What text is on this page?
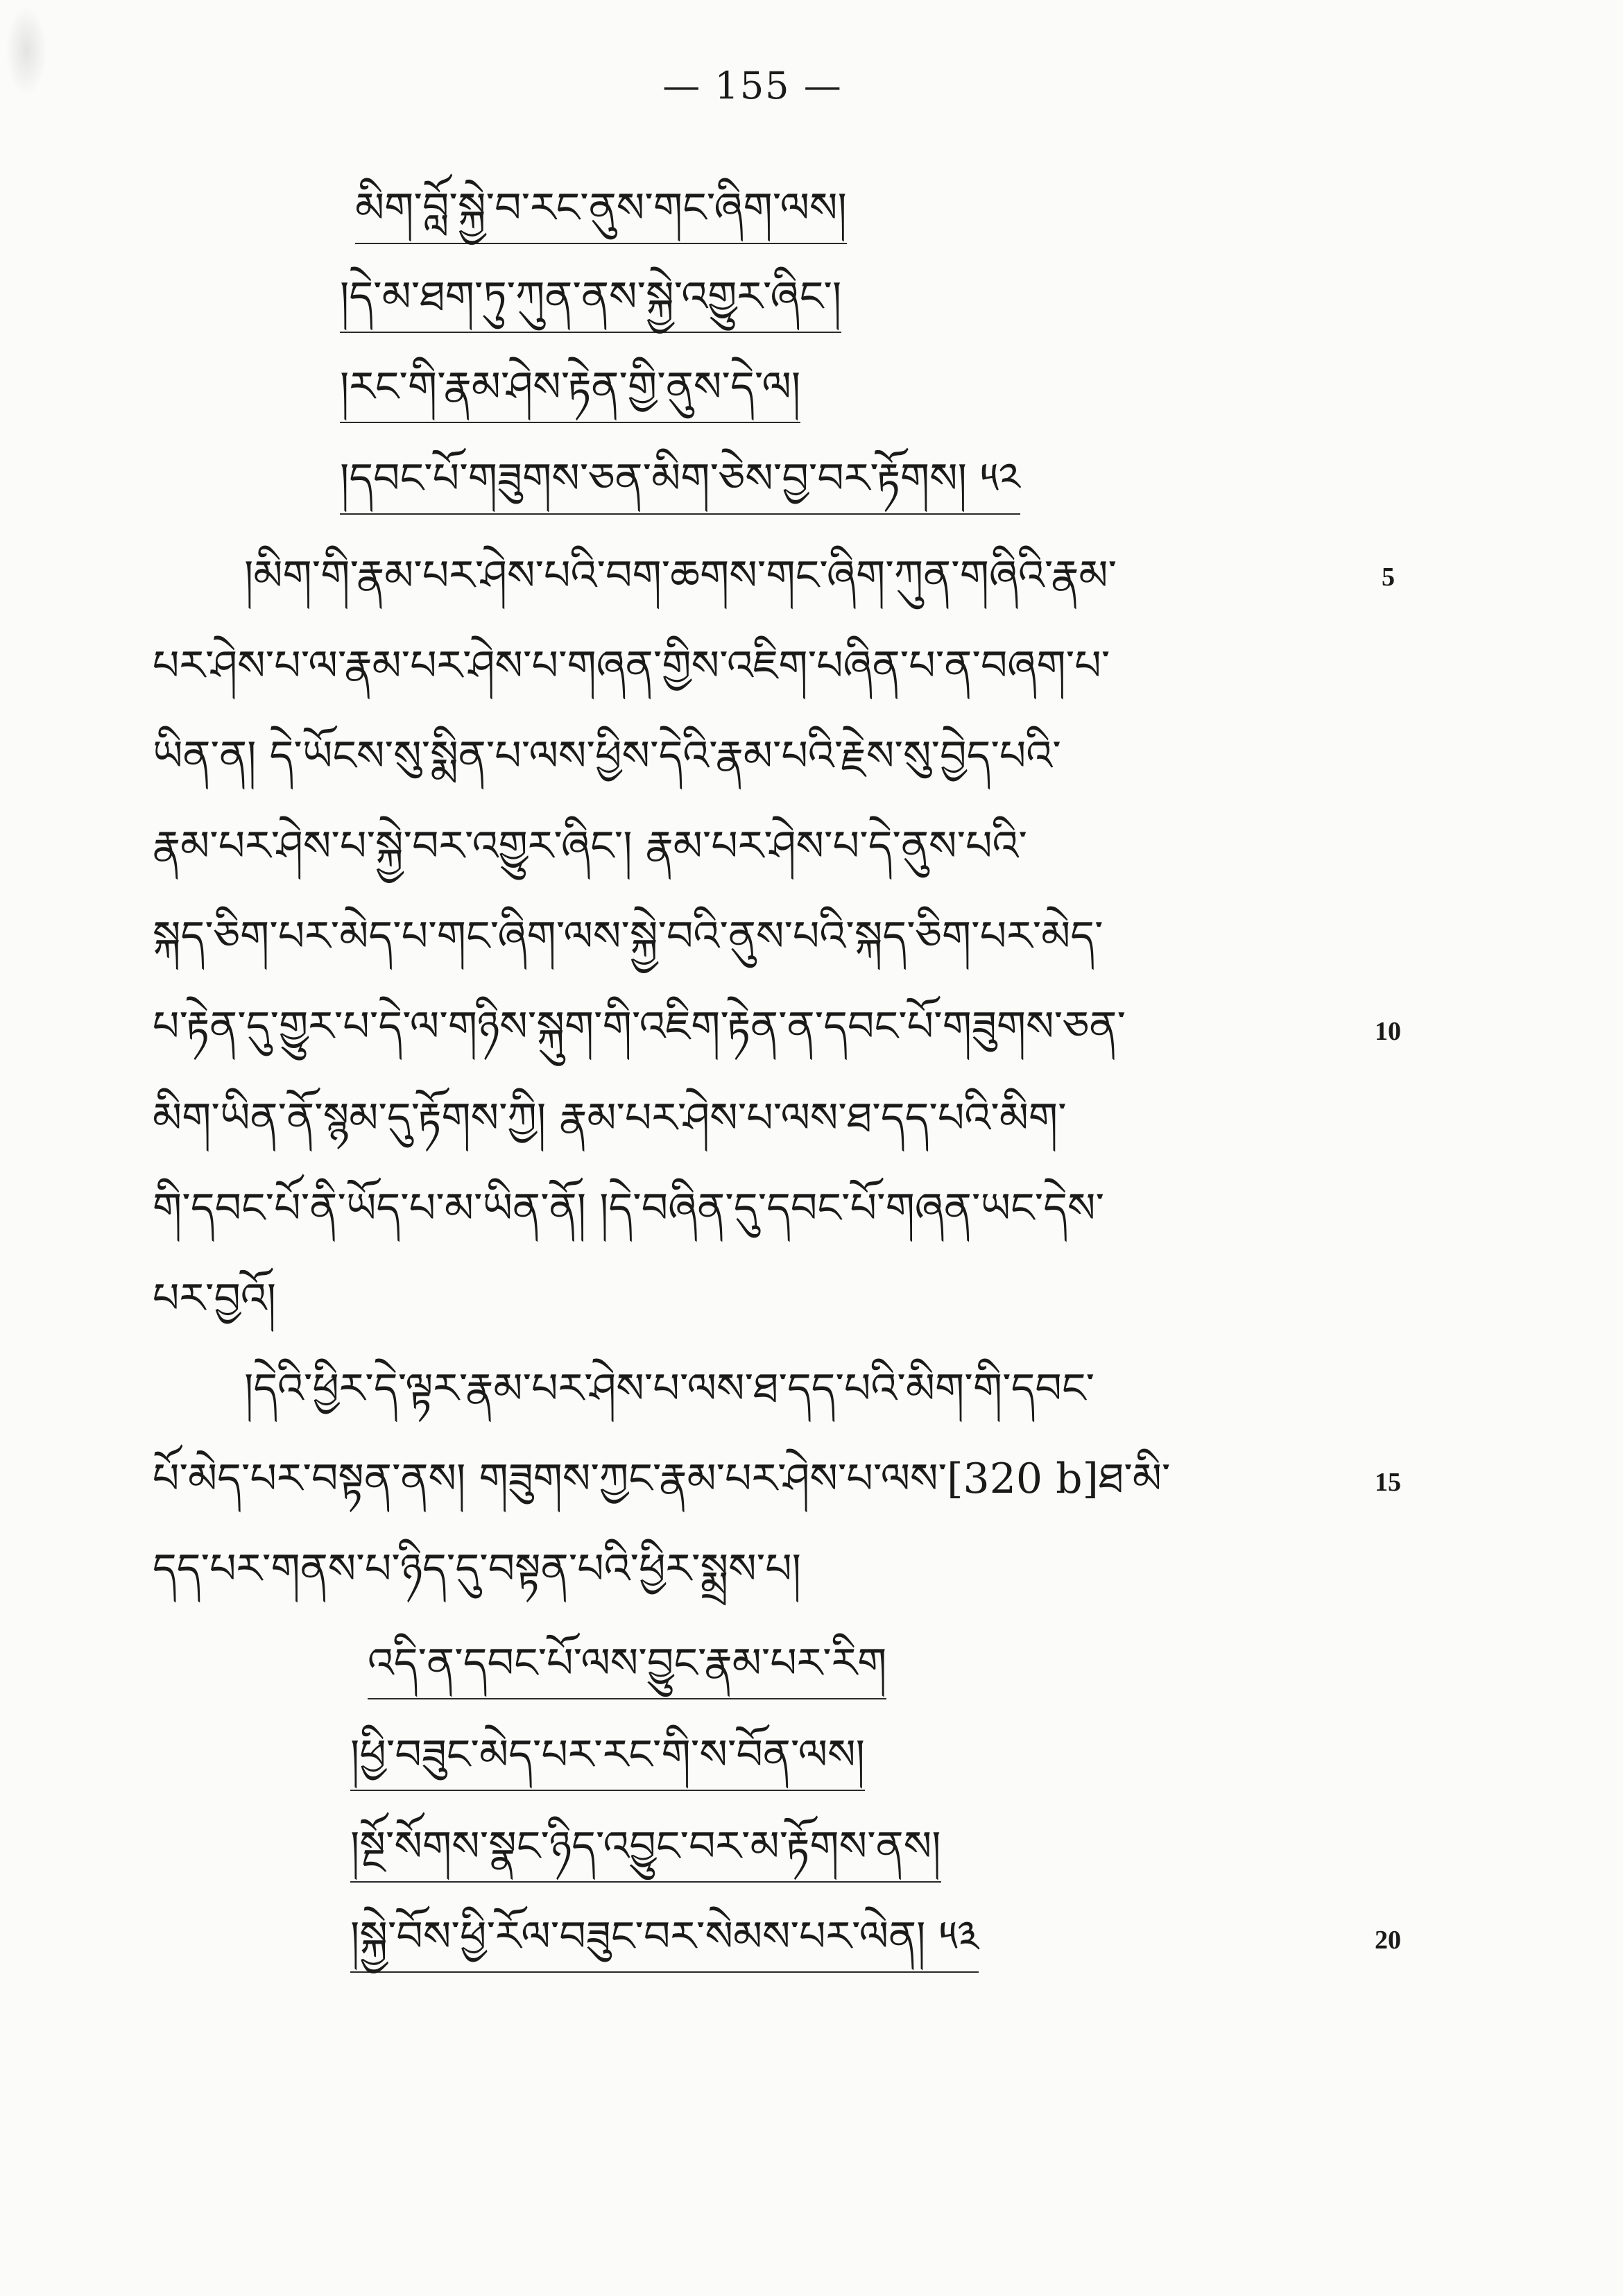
— 155 —
མིག་བློ་སྐྱེ་བ་རང་ནུས་གང་ཞིག་ལས།
།དེ་མ་ཐག་ཏུ་ཀུན་ནས་སྐྱེ་འགྱུར་ཞིང་།
།རང་གི་རྣམ་ཤེས་རྟེན་གྱི་ནུས་དེ་ལ།
།དབང་པོ་གཟུགས་ཅན་མིག་ཅེས་བྱ་བར་རྟོགས། ༥༢
།མིག་གི་རྣམ་པར་ཤེས་པའི་བག་ཆགས་གང་ཞིག་ཀུན་གཞིའི་རྣམ་
པར་ཤེས་པ་ལ་རྣམ་པར་ཤེས་པ་གཞན་གྱིས་འཇིག་པཞིན་པ་ན་བཞག་པ་
ཡིན་ན། དེ་ཡོངས་སུ་སྨིན་པ་ལས་ཕྱིས་དེའི་རྣམ་པའི་རྗེས་སུ་བྱེད་པའི་
རྣམ་པར་ཤེས་པ་སྐྱེ་བར་འགྱུར་ཞིང་། རྣམ་པར་ཤེས་པ་དེ་ནུས་པའི་
སྐད་ཅིག་པར་མེད་པ་གང་ཞིག་ལས་སྐྱེ་བའི་ནུས་པའི་སྐད་ཅིག་པར་མེད་
པ་རྟེན་དུ་གྱུར་པ་དེ་ལ་གཉིས་སྐུག་གི་འཇིག་རྟེན་ན་དབང་པོ་གཟུགས་ཅན་
མིག་ཡིན་ནོ་སྙམ་དུ་རྟོགས་ཀྱི། རྣམ་པར་ཤེས་པ་ལས་ཐ་དད་པའི་མིག་
གི་དབང་པོ་ནི་ཡོད་པ་མ་ཡིན་ནོ། །དེ་བཞིན་དུ་དབང་པོ་གཞན་ཡང་དེས་
པར་བྱའོ།
།དེའི་ཕྱིར་དེ་ལྟར་རྣམ་པར་ཤེས་པ་ལས་ཐ་དད་པའི་མིག་གི་དབང་
པོ་མེད་པར་བསྟན་ནས། གཟུགས་ཀྱང་རྣམ་པར་ཤེས་པ་ལས་[320 b]ཐ་མི་
དད་པར་གནས་པ་ཉིད་དུ་བསྟན་པའི་ཕྱིར་སྨྲས་པ།
འདི་ན་དབང་པོ་ལས་བྱུང་རྣམ་པར་རིག
།ཕྱི་བཟུང་མེད་པར་རང་གི་ས་བོན་ལས།
།སྔོ་སོགས་སྣང་ཉིད་འབྱུང་བར་མ་རྟོགས་ནས།
།སྐྱེ་བོས་ཕྱི་རོལ་བཟུང་བར་སེམས་པར་ལེན། ༥༣
5
10
15
20
